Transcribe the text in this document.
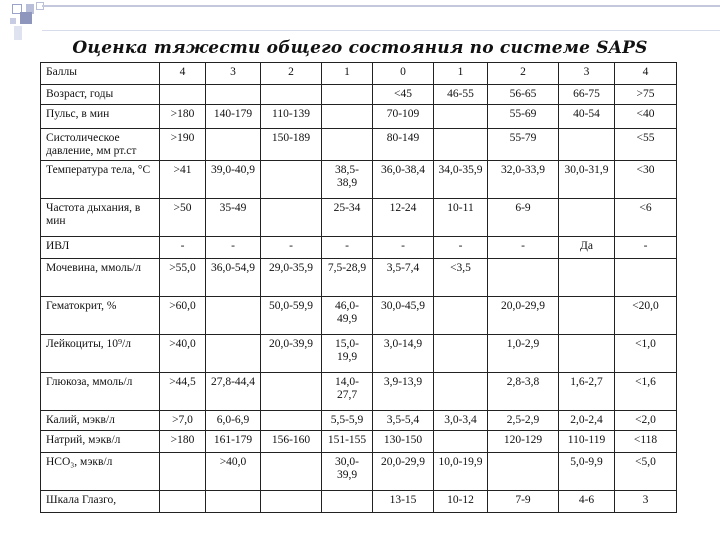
Оценка тяжести общего состояния по системе SAPS
Баллы	4	3	2	1	0	1	2	3	4
Возраст, годы					<45	46-55	56-65	66-75	>75
Пульс, в мин	>180	140-179	110-139		70-109		55-69	40-54	<40
Систолическое давление, мм рт.ст	>190		150-189		80-149		55-79		<55
Температура тела, °С	>41	39,0-40,9		38,5-38,9	36,0-38,4	34,0-35,9	32,0-33,9	30,0-31,9	<30
Частота дыхания, в мин	>50	35-49		25-34	12-24	10-11	6-9		<6
ИВЛ	-	-	-	-	-	-	-	Да	-
Мочевина, ммоль/л	>55,0	36,0-54,9	29,0-35,9	7,5-28,9	3,5-7,4	<3,5			
Гематокрит, %	>60,0		50,0-59,9	46,0-49,9	30,0-45,9		20,0-29,9		<20,0
Лейкоциты, 10⁹/л	>40,0		20,0-39,9	15,0-19,9	3,0-14,9		1,0-2,9		<1,0
Глюкоза, ммоль/л	>44,5	27,8-44,4		14,0-27,7	3,9-13,9		2,8-3,8	1,6-2,7	<1,6
Калий, мэкв/л	>7,0	6,0-6,9		5,5-5,9	3,5-5,4	3,0-3,4	2,5-2,9	2,0-2,4	<2,0
Натрий, мэкв/л	>180	161-179	156-160	151-155	130-150		120-129	110-119	<118
HCO₃, мэкв/л		>40,0		30,0-39,9	20,0-29,9	10,0-19,9		5,0-9,9	<5,0
Шкала Глазго,					13-15	10-12	7-9	4-6	3
